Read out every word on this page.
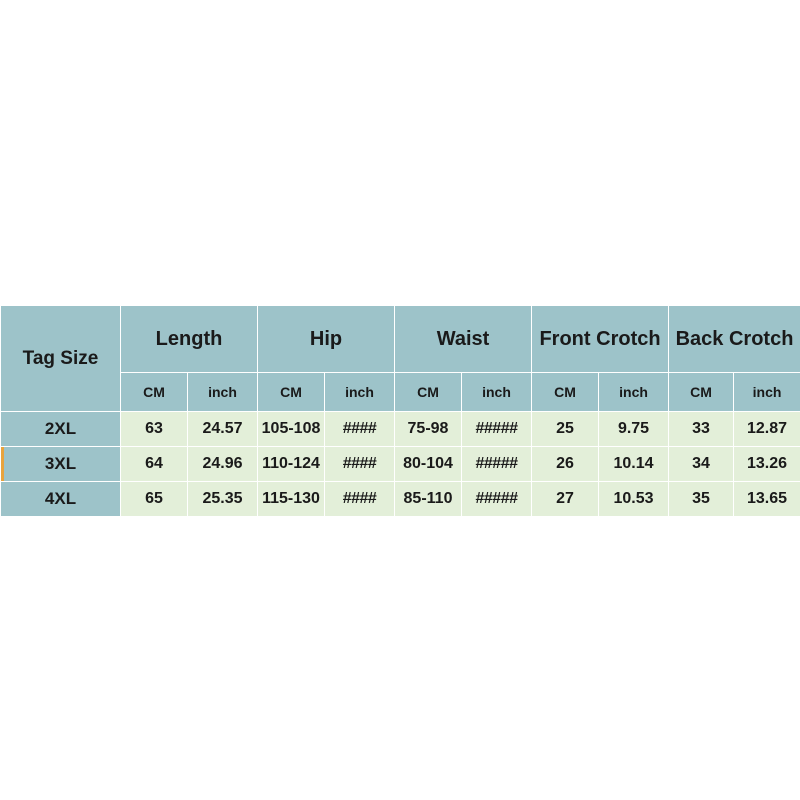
Tag Size	Length		Hip		Waist		Front Crotch		Back Crotch	
	CM	inch	CM	inch	CM	inch	CM	inch	CM	inch
2XL	63	24.57	105-108	####	75-98	#####	25	9.75	33	12.87
3XL	64	24.96	110-124	####	80-104	#####	26	10.14	34	13.26
4XL	65	25.35	115-130	####	85-110	#####	27	10.53	35	13.65
